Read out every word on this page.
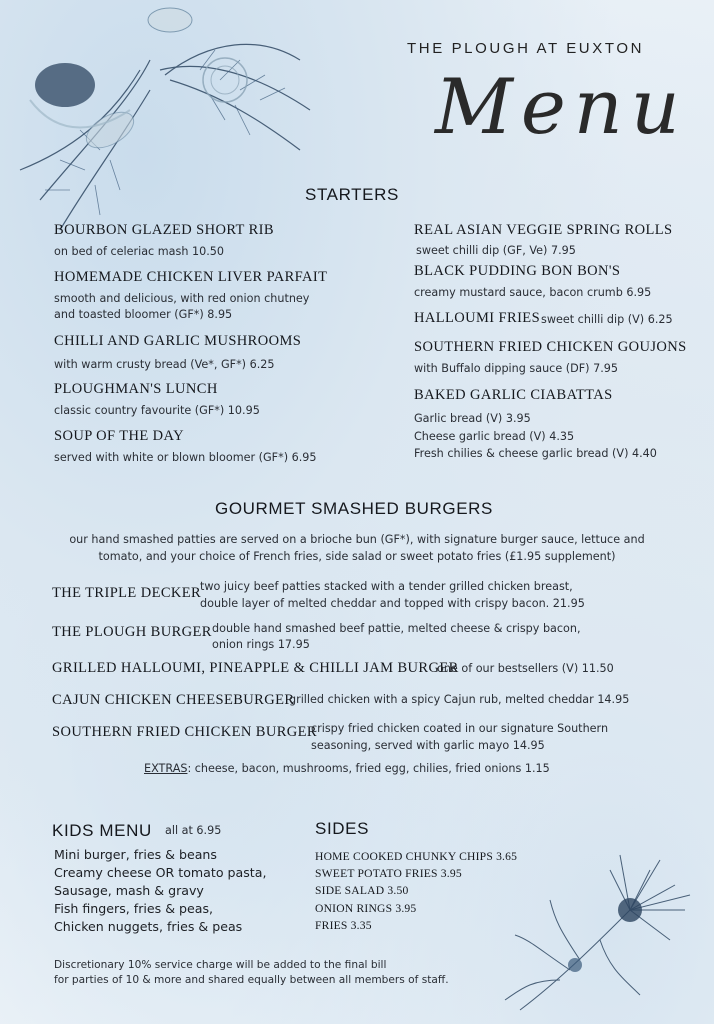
THE PLOUGH AT EUXTON
Menu
STARTERS
BOURBON GLAZED SHORT RIB
on bed of celeriac mash 10.50
HOMEMADE CHICKEN LIVER PARFAIT
smooth and delicious, with red onion chutney
and toasted bloomer (GF*) 8.95
CHILLI AND GARLIC MUSHROOMS
with warm crusty bread (Ve*, GF*) 6.25
PLOUGHMAN'S LUNCH
classic country favourite (GF*) 10.95
SOUP OF THE DAY
served with white or blown bloomer (GF*) 6.95
REAL ASIAN VEGGIE SPRING ROLLS
sweet chilli dip (GF, Ve) 7.95
BLACK PUDDING BON BON'S
creamy mustard sauce, bacon crumb 6.95
HALLOUMI FRIES sweet chilli dip (V) 6.25
SOUTHERN FRIED CHICKEN GOUJONS
with Buffalo dipping sauce (DF) 7.95
BAKED GARLIC CIABATTAS
Garlic bread (V) 3.95
Cheese garlic bread (V) 4.35
Fresh chilies & cheese garlic bread (V) 4.40
GOURMET SMASHED BURGERS
our hand smashed patties are served on a brioche bun (GF*), with signature burger sauce, lettuce and
tomato, and your choice of French fries, side salad or sweet potato fries (£1.95 supplement)
THE TRIPLE DECKER
two juicy beef patties stacked with a tender grilled chicken breast,
double layer of melted cheddar and topped with crispy bacon. 21.95
THE PLOUGH BURGER double hand smashed beef pattie, melted cheese & crispy bacon,
onion rings 17.95
GRILLED HALLOUMI, PINEAPPLE & CHILLI JAM BURGER
one of our bestsellers (V) 11.50
CAJUN CHICKEN CHEESEBURGER
grilled chicken with a spicy Cajun rub, melted cheddar 14.95
SOUTHERN FRIED CHICKEN BURGER
crispy fried chicken coated in our signature Southern
seasoning, served with garlic mayo 14.95
EXTRAS: cheese, bacon, mushrooms, fried egg, chilies, fried onions 1.15
KIDS MENU all at 6.95
Mini burger, fries & beans
Creamy cheese OR tomato pasta,
Sausage, mash & gravy
Fish fingers, fries & peas,
Chicken nuggets, fries & peas
SIDES
HOME COOKED CHUNKY CHIPS 3.65
SWEET POTATO FRIES 3.95
SIDE SALAD 3.50
ONION RINGS 3.95
FRIES 3.35
Discretionary 10% service charge will be added to the final bill
for parties of 10 & more and shared equally between all members of staff.
